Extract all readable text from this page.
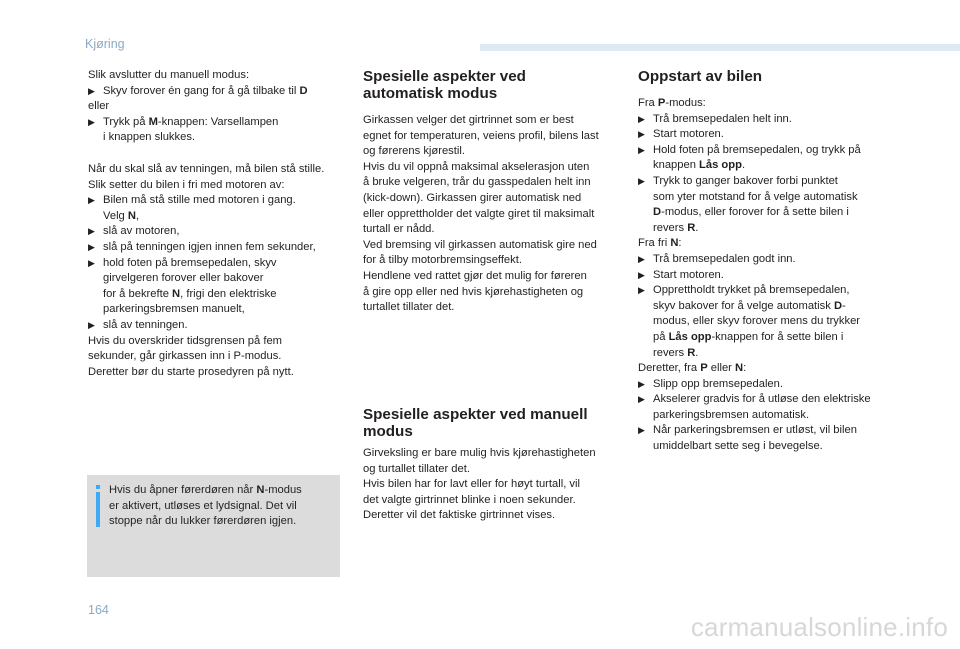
Kjøring

Slik avslutter du manuell modus:

▶ Skyv forover én gang for å gå tilbake til D

eller

▶ Trykk på M-knappen: Varsellampen
i knappen slukkes.

Når du skal slå av tenningen, må bilen stå stille.

Slik setter du bilen i fri med motoren av:

▶ Bilen må stå stille med motoren i gang.
Velg N,
▶ slå av motoren,
▶ slå på tenningen igjen innen fem sekunder,
▶ hold foten på bremsepedalen, skyv
girvelgeren forover eller bakover
for å bekrefte N, frigi den elektriske
parkeringsbremsen manuelt,
▶ slå av tenningen.

Hvis du overskrider tidsgrensen på fem

sekunder, går girkassen inn i P-modus.

Deretter bør du starte prosedyren på nytt.

Hvis du åpner førerdøren når N-modus
er aktivert, utløses et lydsignal. Det vil
stoppe når du lukker førerdøren igjen.
Spesielle aspekter ved
automatisk modus

Girkassen velger det girtrinnet som er best

egnet for temperaturen, veiens profil, bilens last

og førerens kjørestil.

Hvis du vil oppnå maksimal akselerasjon uten

å bruke velgeren, trår du gasspedalen helt inn

(kick-down). Girkassen girer automatisk ned

eller opprettholder det valgte giret til maksimalt

turtall er nådd.

Ved bremsing vil girkassen automatisk gire ned

for å tilby motorbremsingseffekt.

Hendlene ved rattet gjør det mulig for føreren

å gire opp eller ned hvis kjørehastigheten og

turtallet tillater det.

Spesielle aspekter ved manuell
modus

Girveksling er bare mulig hvis kjørehastigheten

og turtallet tillater det.

Hvis bilen har for lavt eller for høyt turtall, vil

det valgte girtrinnet blinke i noen sekunder.

Deretter vil det faktiske girtrinnet vises.

Oppstart av bilen

Fra P-modus:

▶ Trå bremsepedalen helt inn.
▶ Start motoren.
▶ Hold foten på bremsepedalen, og trykk på
knappen Lås opp.
▶ Trykk to ganger bakover forbi punktet
som yter motstand for å velge automatisk
D-modus, eller forover for å sette bilen i
revers R.

Fra fri N:

▶ Trå bremsepedalen godt inn.
▶ Start motoren.
▶ Opprettholdt trykket på bremsepedalen,
skyv bakover for å velge automatisk D-
modus, eller skyv forover mens du trykker
på Lås opp-knappen for å sette bilen i
revers R.

Deretter, fra P eller N:

▶ Slipp opp bremsepedalen.
▶ Akselerer gradvis for å utløse den elektriske
parkeringsbremsen automatisk.
▶ Når parkeringsbremsen er utløst, vil bilen
umiddelbart sette seg i bevegelse.
164
carmanualsonline.info
